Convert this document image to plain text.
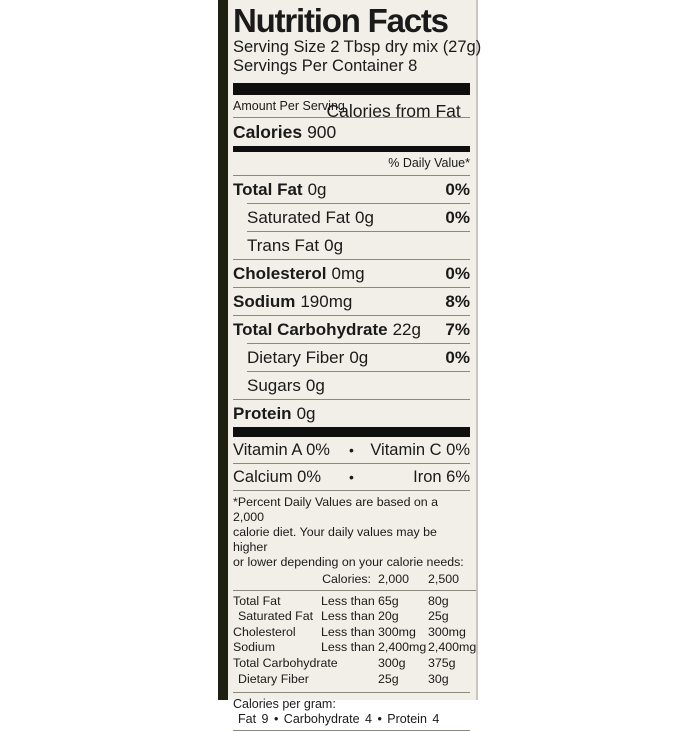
Nutrition Facts
Serving Size 2 Tbsp dry mix (27g)
Servings Per Container 8
Amount Per Serving
Calories 90
Calories from Fat 0
% Daily Value*
Total Fat 0g	0%
Saturated Fat 0g	0%
Trans Fat 0g
Cholesterol 0mg	0%
Sodium 190mg	8%
Total Carbohydrate 22g 7%
Dietary Fiber 0g	0%
Sugars 0g
Protein 0g
Vitamin A 0%	• Vitamin C 0%
Calcium 0%	•	Iron 6%
*Percent Daily Values are based on a 2,000
calorie diet. Your daily values may be higher
or lower depending on your calorie needs:
Calories: 2,000	2,500
Total Fat	Less than 65g	80g
Saturated Fat Less than 20g	25g
Cholesterol	Less than 300mg 300mg
Sodium	Less than 2,400mg 2,400mg
Total Carbohydrate	300g	375g
Dietary Fiber	25g	30g
Calories per gram:
Fat 9 • Carbohydrate 4 • Protein 4
